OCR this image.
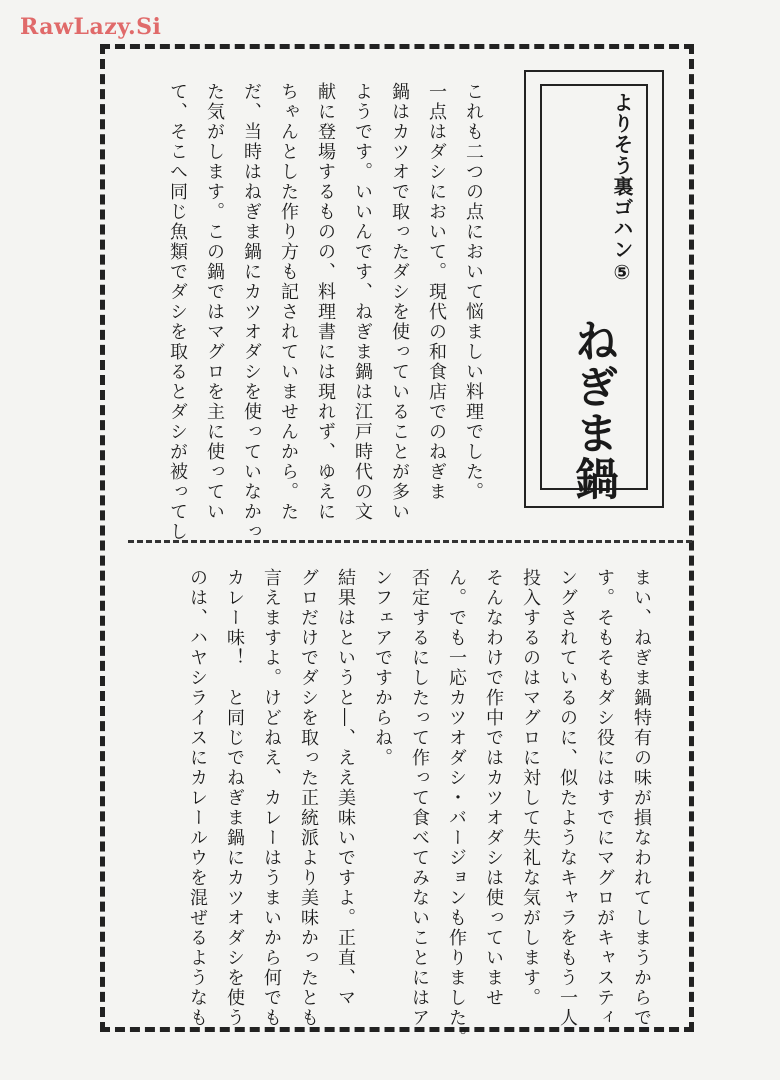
RawLazy.Si
よりそう裏ゴハン⑤
ねぎま鍋
これも二つの点において悩ましい料理でした。
一点はダシにおいて。現代の和食店でのねぎま
鍋はカツオで取ったダシを使っていることが多い
ようです。いいんです、ねぎま鍋は江戸時代の文
献に登場するものの、料理書には現れず、ゆえに
ちゃんとした作り方も記されていませんから。た
だ、当時はねぎま鍋にカツオダシを使っていなかっ
た気がします。この鍋ではマグロを主に使ってい
て、そこへ同じ魚類でダシを取るとダシが被ってし
まい、ねぎま鍋特有の味が損なわれてしまうからで
す。そもそもダシ役にはすでにマグロがキャスティ
ングされているのに、似たようなキャラをもう一人
投入するのはマグロに対して失礼な気がします。
そんなわけで作中ではカツオダシは使っていませ
ん。でも一応カツオダシ・バージョンも作りました。
否定するにしたって作って食べてみないことにはア
ンフェアですからね。
結果はというと―、ええ美味いですよ。正直、マ
グロだけでダシを取った正統派より美味かったとも
言えますよ。けどねえ、カレーはうまいから何でも
カレー味！　と同じでねぎま鍋にカツオダシを使う
のは、ハヤシライスにカレールウを混ぜるようなも
